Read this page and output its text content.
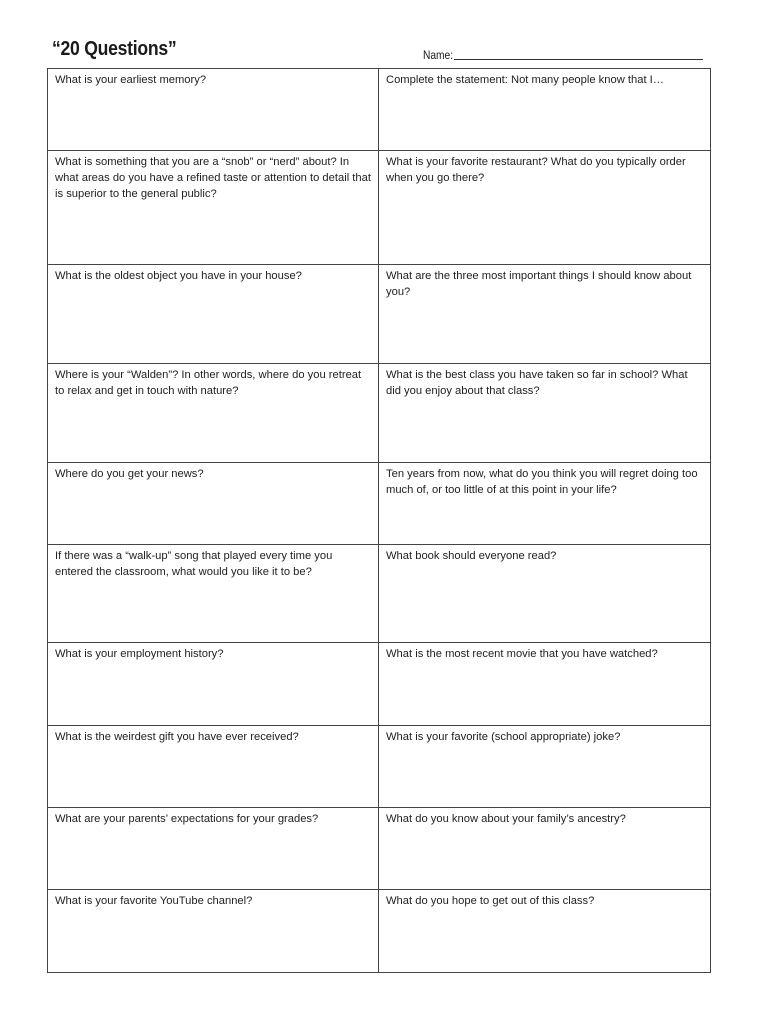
“20 Questions”	Name:
What is your earliest memory?	Complete the statement: Not many people know that I…

What is something that you are a “snob” or “nerd” about? In what areas do you have a refined taste or attention to detail that is superior to the general public?	What is your favorite restaurant? What do you typically order when you go there?

What is the oldest object you have in your house?	What are the three most important things I should know about you?

Where is your “Walden”? In other words, where do you retreat to relax and get in touch with nature?	What is the best class you have taken so far in school? What did you enjoy about that class?

Where do you get your news?	Ten years from now, what do you think you will regret doing too much of, or too little of at this point in your life?

If there was a “walk-up” song that played every time you entered the classroom, what would you like it to be?	What book should everyone read?

What is your employment history?	What is the most recent movie that you have watched?

What is the weirdest gift you have ever received?	What is your favorite (school appropriate) joke?

What are your parents’ expectations for your grades?	What do you know about your family’s ancestry?

What is your favorite YouTube channel?	What do you hope to get out of this class?
